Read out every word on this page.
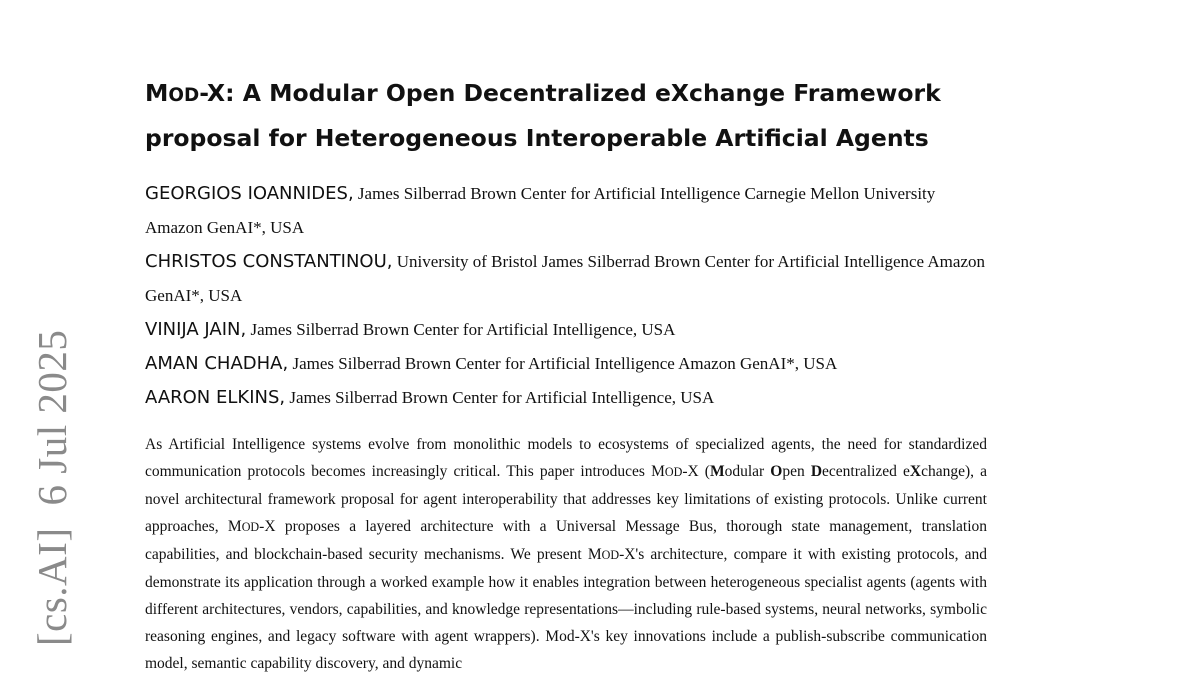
[cs.AI]6 Jul 2025
MOD-X: A Modular Open Decentralized eXchange Framework proposal for Heterogeneous Interoperable Artificial Agents
GEORGIOS IOANNIDES, James Silberrad Brown Center for Artificial Intelligence Carnegie Mellon University Amazon GenAI*, USA
CHRISTOS CONSTANTINOU, University of Bristol James Silberrad Brown Center for Artificial Intelligence Amazon GenAI*, USA
VINIJA JAIN, James Silberrad Brown Center for Artificial Intelligence, USA
AMAN CHADHA, James Silberrad Brown Center for Artificial Intelligence Amazon GenAI*, USA
AARON ELKINS, James Silberrad Brown Center for Artificial Intelligence, USA

As Artificial Intelligence systems evolve from monolithic models to ecosystems of specialized agents, the need for standardized communication protocols becomes increasingly critical. This paper introduces MOD-X (Modular Open Decentralized eXchange), a novel architectural framework proposal for agent interoperability that addresses key limitations of existing protocols. Unlike current approaches, MOD-X proposes a layered architecture with a Universal Message Bus, thorough state management, translation capabilities, and blockchain-based security mechanisms. We present MOD-X's architecture, compare it with existing protocols, and demonstrate its application through a worked example how it enables integration between heterogeneous specialist agents (agents with different architectures, vendors, capabilities, and knowledge representations—including rule-based systems, neural networks, symbolic reasoning engines, and legacy software with agent wrappers). Mod-X's key innovations include a publish-subscribe communication model, semantic capability discovery, and dynamic
